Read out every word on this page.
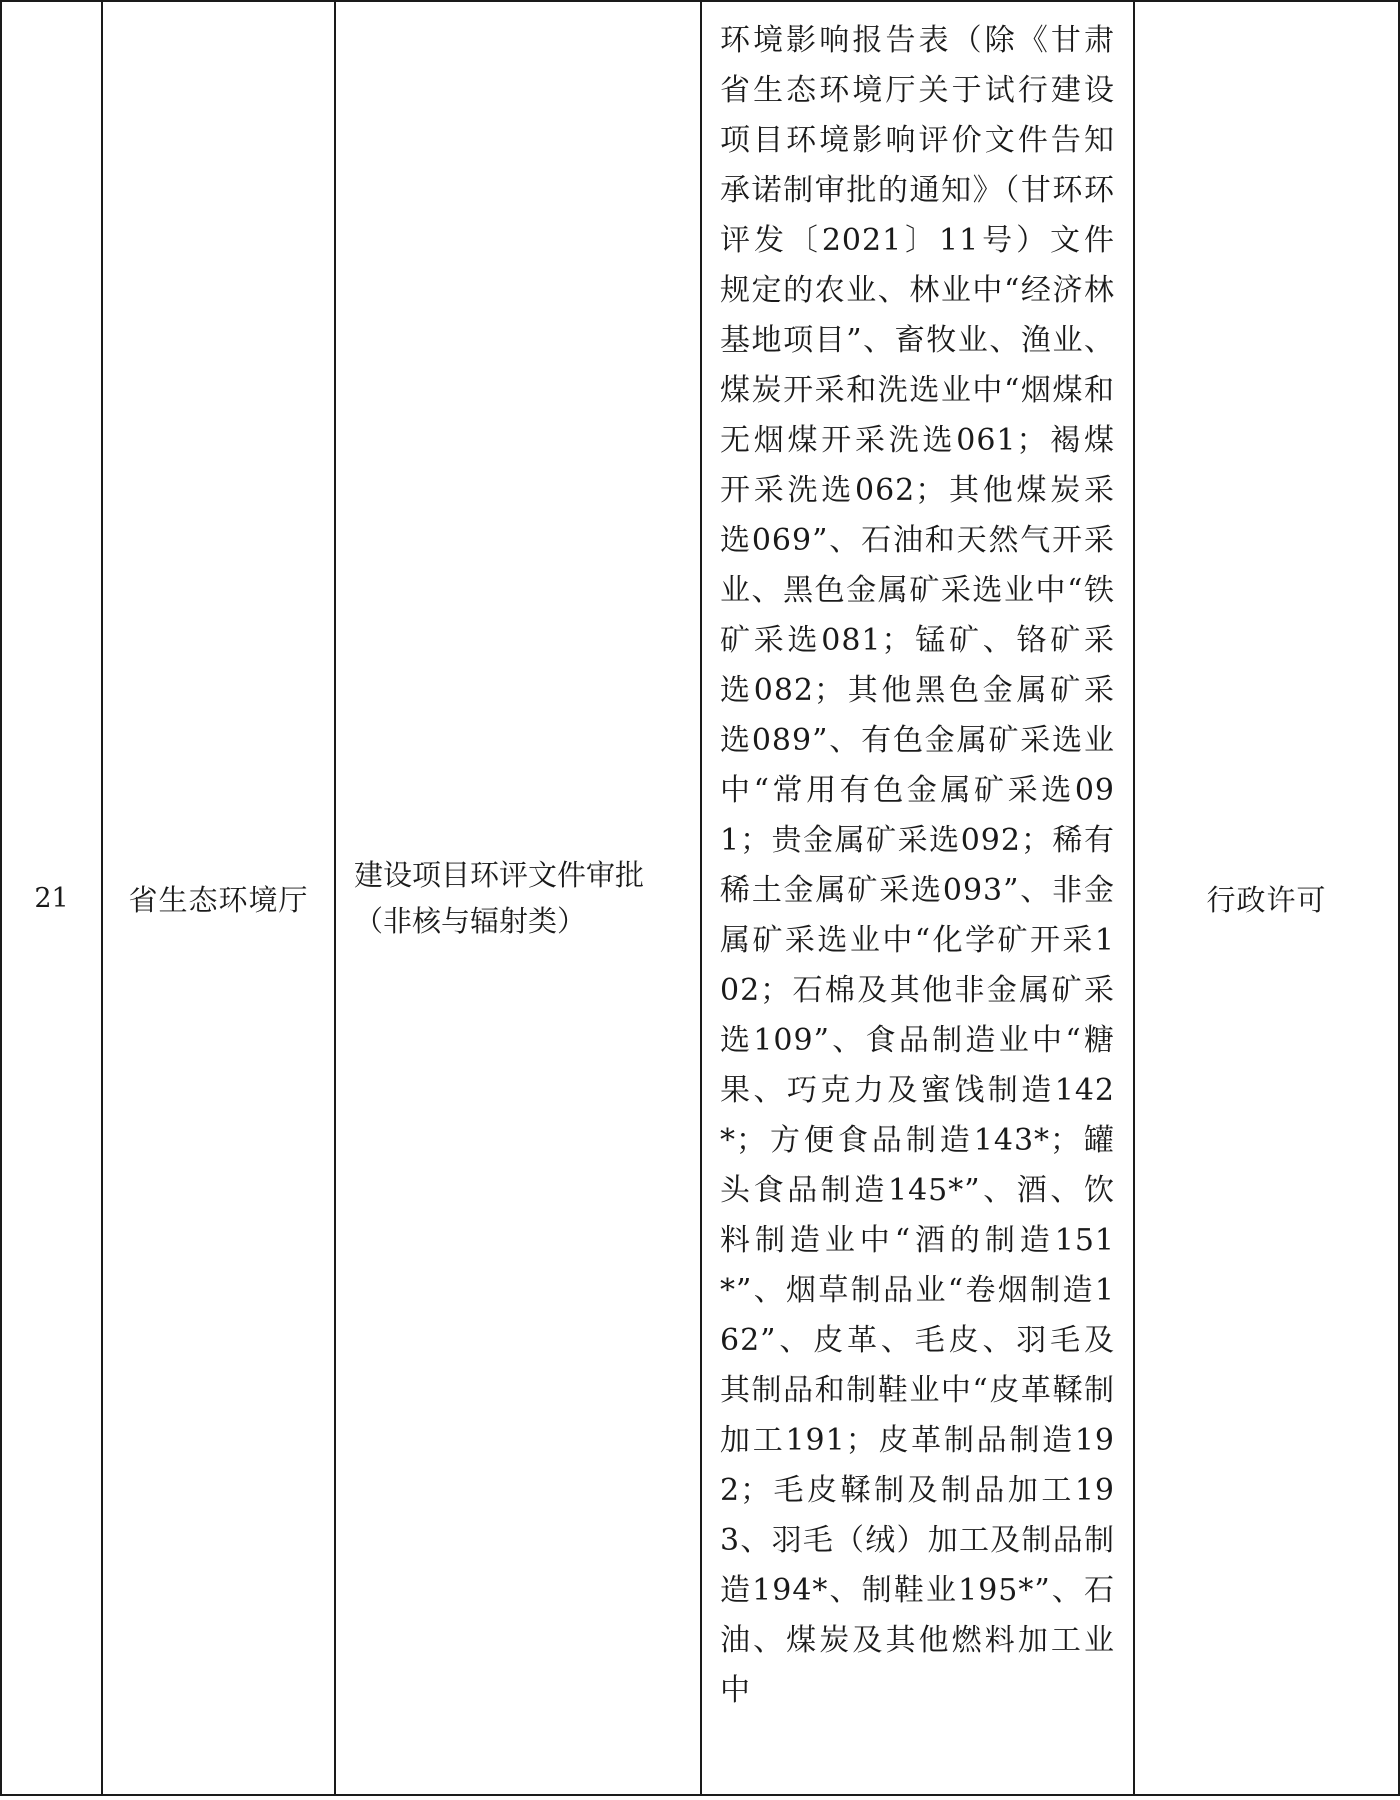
21	省生态环境厅	建设项目环评文件审批（非核与辐射类）	环境影响报告表（除《甘肃省生态环境厅关于试行建设项目环境影响评价文件告知承诺制审批的通知》（甘环环评发〔2021〕11号）文件规定的农业、林业中“经济林基地项目”、畜牧业、渔业、煤炭开采和洗选业中“烟煤和无烟煤开采洗选061；褐煤开采洗选062；其他煤炭采选069”、石油和天然气开采业、黑色金属矿采选业中“铁矿采选081；锰矿、铬矿采选082；其他黑色金属矿采选089”、有色金属矿采选业中“常用有色金属矿采选091；贵金属矿采选092；稀有稀土金属矿采选093”、非金属矿采选业中“化学矿开采102；石棉及其他非金属矿采选109”、食品制造业中“糖果、巧克力及蜜饯制造142*；方便食品制造143*；罐头食品制造145*”、酒、饮料制造业中“酒的制造151*”、烟草制品业“卷烟制造162”、皮革、毛皮、羽毛及其制品和制鞋业中“皮革鞣制加工191；皮革制品制造192；毛皮鞣制及制品加工193、羽毛（绒）加工及制品制造194*、制鞋业195*”、石油、煤炭及其他燃料加工业中	行政许可
